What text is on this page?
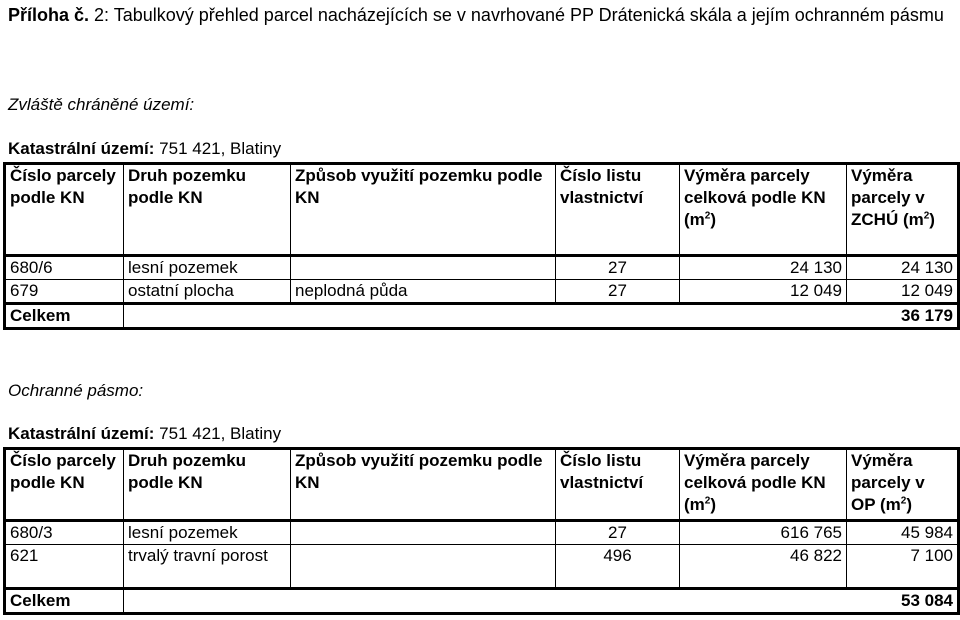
Příloha č. 2: Tabulkový přehled parcel nacházejících se v navrhované PP Drátenická skála a jejím ochranném pásmu
Zvláště chráněné území:
Katastrální území: 751 421, Blatiny
Číslo parcely podle KN	Druh pozemku podle KN	Způsob využití pozemku podle KN	Číslo listu vlastnictví	Výměra parcely celková podle KN $(m^2)$	Výměra parcely v ZCHÚ $(m^2)$
680/6	lesní pozemek		27	24 130	24 130
679	ostatní plocha	neplodná půda	27	12 049	12 049
Celkem	36 179				
Ochranné pásmo:
Katastrální území: 751 421, Blatiny
Číslo parcely podle KN	Druh pozemku podle KN	Způsob využití pozemku podle KN	Číslo listu vlastnictví	Výměra parcely celková podle KN $(m^2)$	Výměra parcely v OP $(m^2)$
680/3	lesní pozemek		27	616 765	45 984
621	trvalý travní porost		496	46 822	7 100
Celkem	53 084				
